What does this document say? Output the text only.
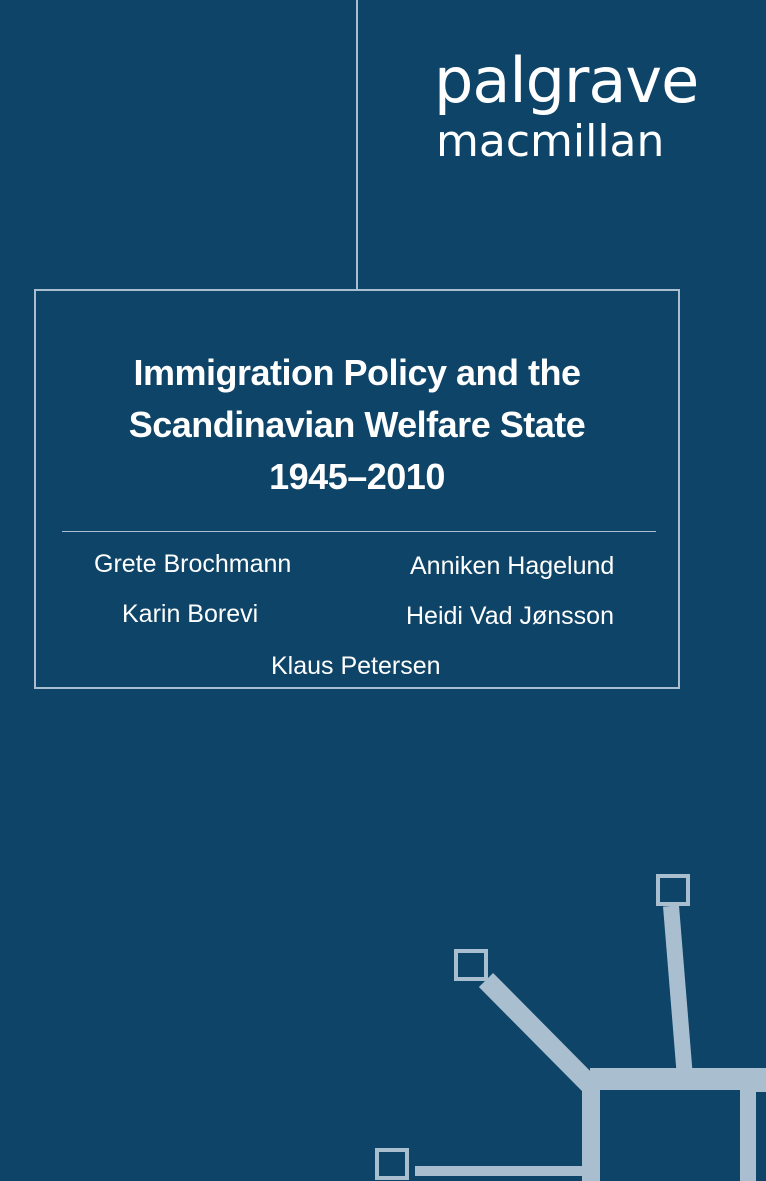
palgrave
macmillan
Immigration Policy and the
Scandinavian Welfare State
1945–2010
Grete Brochmann	Anniken Hagelund
Karin Borevi	Heidi Vad Jønsson
Klaus Petersen
